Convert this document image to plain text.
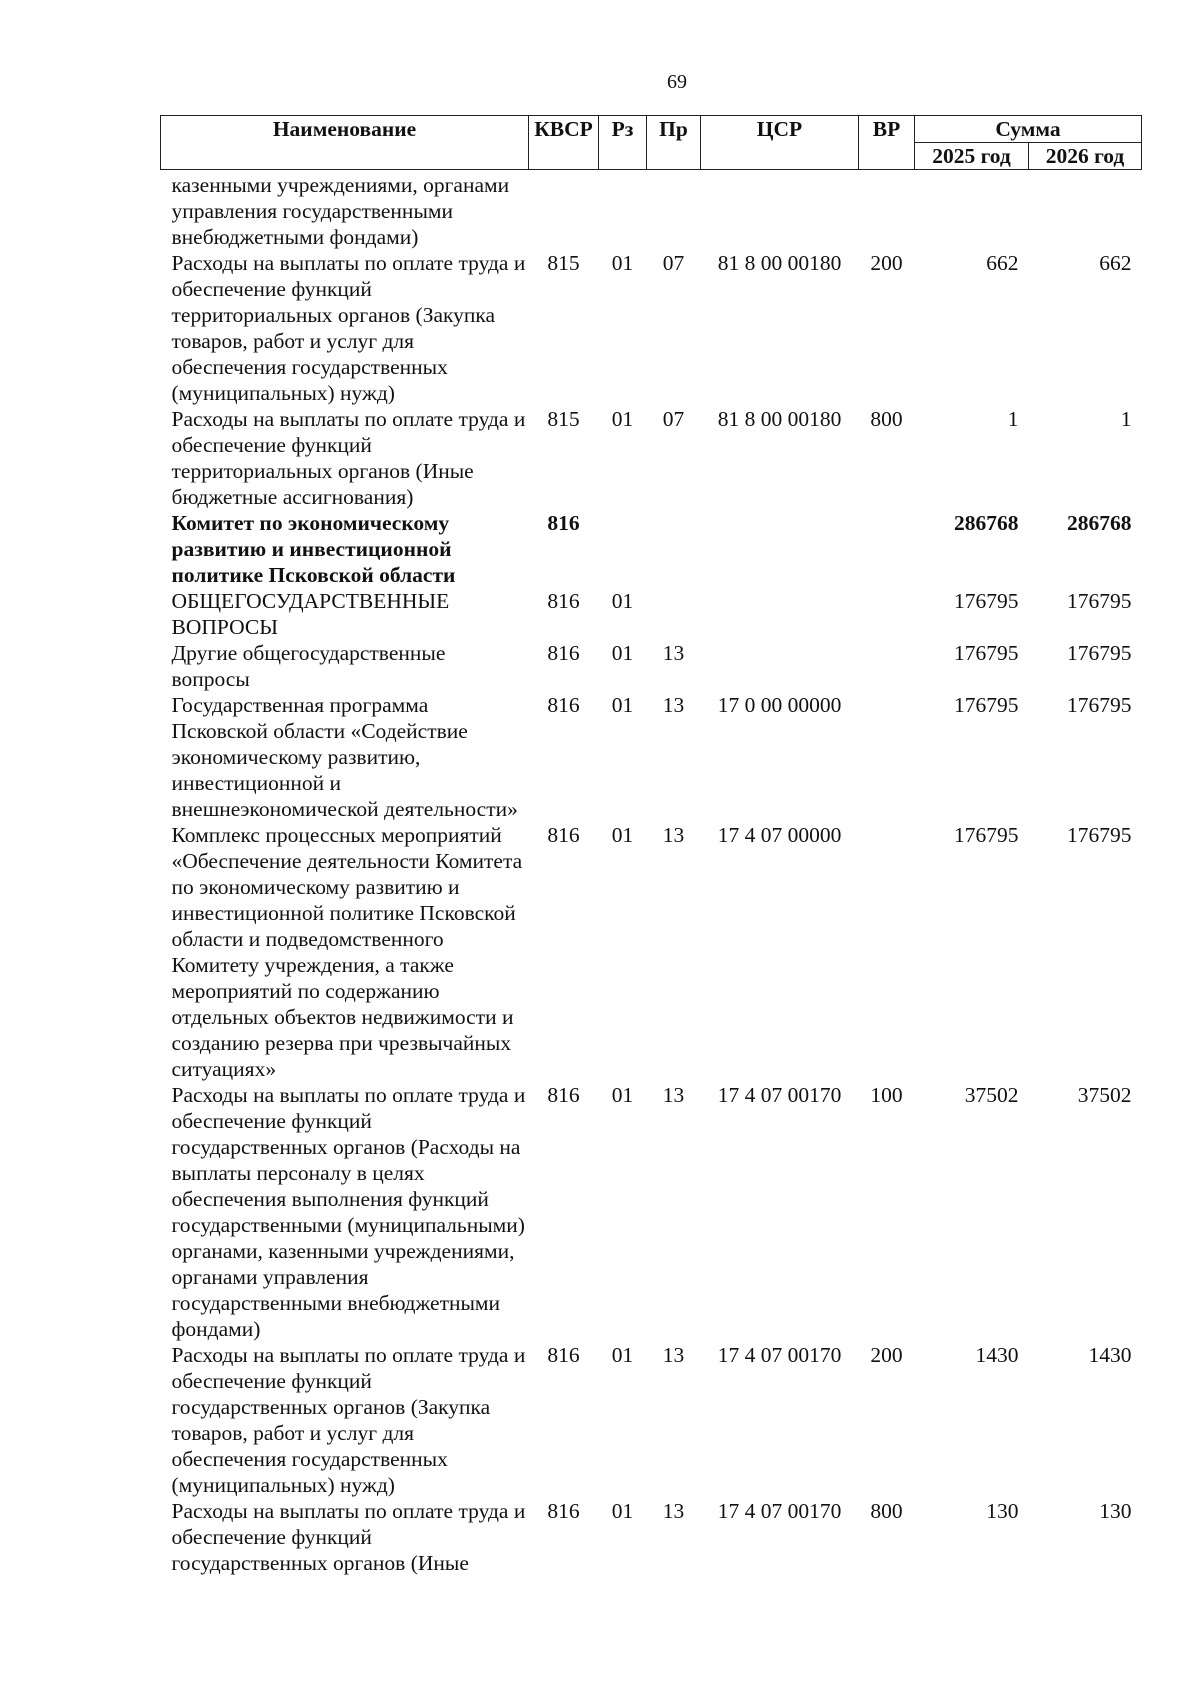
69
Наименование	КВСР	Рз	Пр	ЦСР	ВР	Сумма	
						2025 год	2026 год
казенными учреждениями, органами управления государственными внебюджетными фондами)							
Расходы на выплаты по оплате труда и обеспечение функций территориальных органов (Закупка товаров, работ и услуг для обеспечения государственных (муниципальных) нужд)	815	01	07	81 8 00 00180	200	662	662
Расходы на выплаты по оплате труда и обеспечение функций территориальных органов (Иные бюджетные ассигнования)	815	01	07	81 8 00 00180	800	1	1
Комитет по экономическому развитию и инвестиционной политике Псковской области	816					286768	286768
ОБЩЕГОСУДАРСТВЕННЫЕ ВОПРОСЫ	816	01				176795	176795
Другие общегосударственные вопросы	816	01	13			176795	176795
Государственная программа Псковской области «Содействие экономическому развитию, инвестиционной и внешнеэкономической деятельности»	816	01	13	17 0 00 00000		176795	176795
Комплекс процессных мероприятий «Обеспечение деятельности Комитета по экономическому развитию и инвестиционной политике Псковской области и подведомственного Комитету учреждения, а также мероприятий по содержанию отдельных объектов недвижимости и созданию резерва при чрезвычайных ситуациях»	816	01	13	17 4 07 00000		176795	176795
Расходы на выплаты по оплате труда и обеспечение функций государственных органов (Расходы на выплаты персоналу в целях обеспечения выполнения функций государственными (муниципальными) органами, казенными учреждениями, органами управления государственными внебюджетными фондами)	816	01	13	17 4 07 00170	100	37502	37502
Расходы на выплаты по оплате труда и обеспечение функций государственных органов (Закупка товаров, работ и услуг для обеспечения государственных (муниципальных) нужд)	816	01	13	17 4 07 00170	200	1430	1430
Расходы на выплаты по оплате труда и обеспечение функций государственных органов (Иные	816	01	13	17 4 07 00170	800	130	130
